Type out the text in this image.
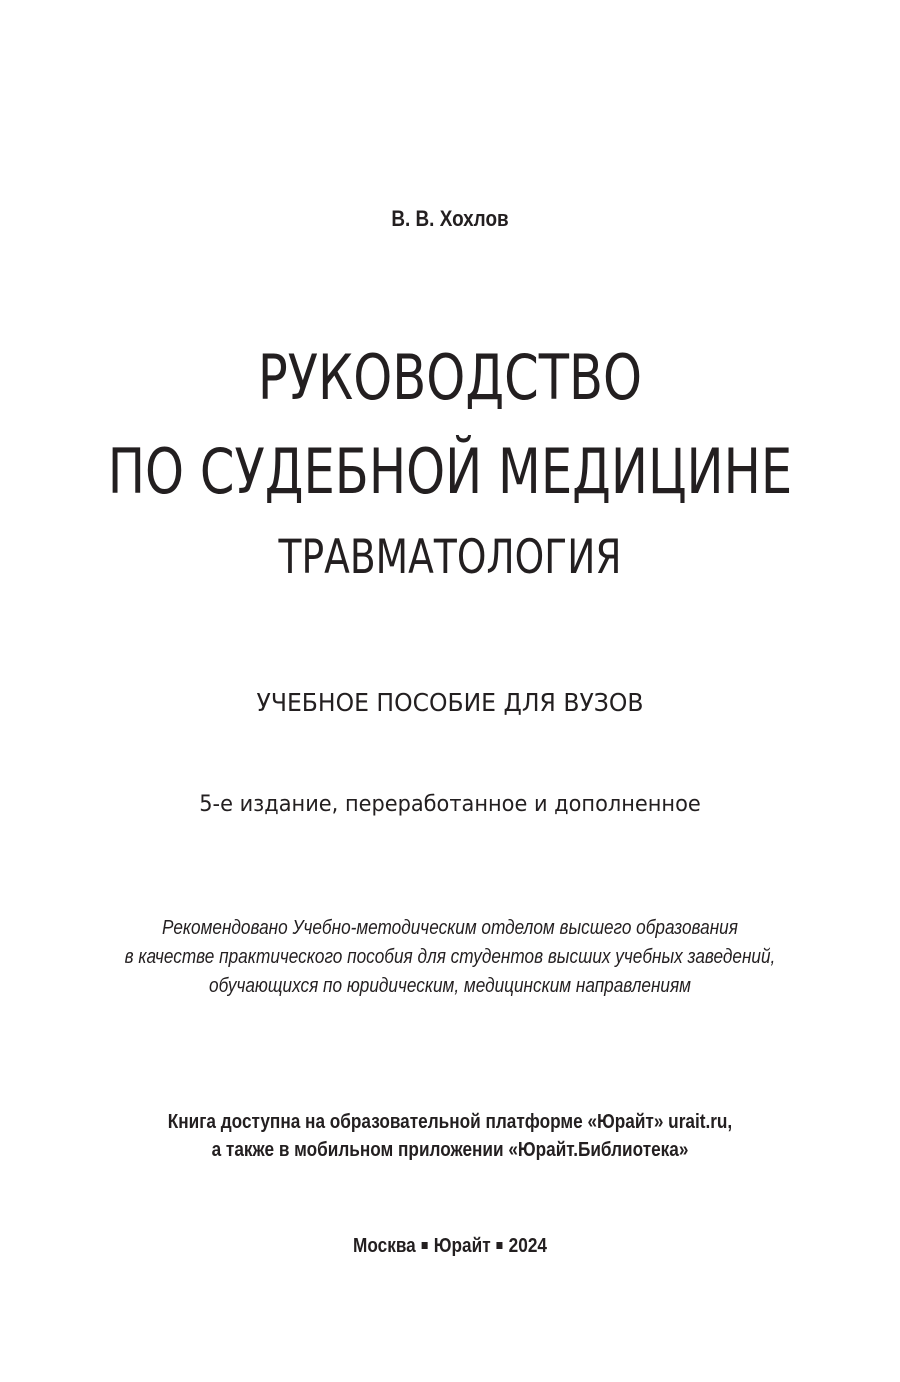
В. В. Хохлов
РУКОВОДСТВО
ПО СУДЕБНОЙ МЕДИЦИНЕ
ТРАВМАТОЛОГИЯ
УЧЕБНОЕ ПОСОБИЕ ДЛЯ ВУЗОВ
5-е издание, переработанное и дополненное
Рекомендовано Учебно-методическим отделом высшего образования
в качестве практического пособия для студентов высших учебных заведений,
обучающихся по юридическим, медицинским направлениям
Книга доступна на образовательной платформе «Юрайт» urait.ru,
а также в мобильном приложении «Юрайт.Библиотека»
Москва Юрайт 2024
